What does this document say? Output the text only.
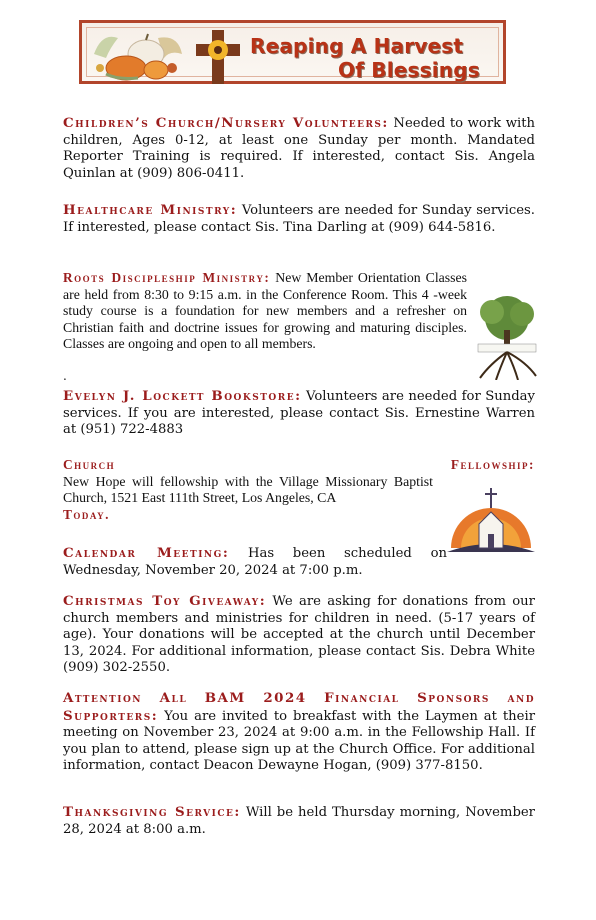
Reaping A Harvest
Of Blessings
Children’s Church/Nursery Volunteers: Needed to work with children, Ages 0-12, at least one Sunday per month. Mandated Reporter Training is required. If interested, contact Sis. Angela Quinlan at (909) 806-0411.
Healthcare Ministry: Volunteers are needed for Sunday services. If interested, please contact Sis. Tina Darling at (909) 644-5816.
Roots Discipleship Ministry: New Member Orientation Classes are held from 8:30 to 9:15 a.m. in the Conference Room. This 4 -week study course is a foundation for new members and a refresher on Christian faith and doctrine issues for growing and maturing disciples. Classes are ongoing and open to all members.
.
Evelyn J. Lockett Bookstore: Volunteers are needed for Sunday services. If you are interested, please contact Sis. Ernestine Warren at (951) 722-4883
Church Fellowship:New Hope will fellowship with the Village Missionary Baptist Church, 1521 East 111th Street, Los Angeles, CA
Today.
Calendar Meeting: Has been scheduled on Wednesday, November 20, 2024 at 7:00 p.m.
Christmas Toy Giveaway: We are asking for donations from our church members and ministries for children in need. (5-17 years of age). Your donations will be accepted at the church until December 13, 2024. For additional information, please contact Sis. Debra White (909) 302-2550.
Attention All BAM 2024 Financial Sponsors and Supporters: You are invited to breakfast with the Laymen at their meeting on November 23, 2024 at 9:00 a.m. in the Fellowship Hall. If you plan to attend, please sign up at the Church Office. For additional information, contact Deacon Dewayne Hogan, (909) 377-8150.
Thanksgiving Service: Will be held Thursday morning, November 28, 2024 at 8:00 a.m.
